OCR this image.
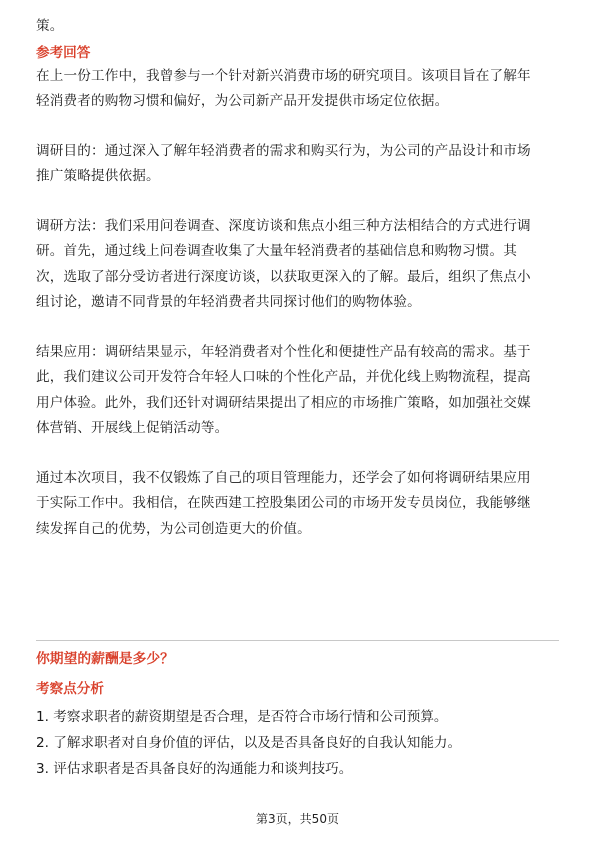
策。
参考回答
在上一份工作中，我曾参与一个针对新兴消费市场的研究项目。该项目旨在了解年
轻消费者的购物习惯和偏好，为公司新产品开发提供市场定位依据。
调研目的：通过深入了解年轻消费者的需求和购买行为，为公司的产品设计和市场
推广策略提供依据。
调研方法：我们采用问卷调查、深度访谈和焦点小组三种方法相结合的方式进行调
研。首先，通过线上问卷调查收集了大量年轻消费者的基础信息和购物习惯。其
次，选取了部分受访者进行深度访谈，以获取更深入的了解。最后，组织了焦点小
组讨论，邀请不同背景的年轻消费者共同探讨他们的购物体验。
结果应用：调研结果显示，年轻消费者对个性化和便捷性产品有较高的需求。基于
此，我们建议公司开发符合年轻人口味的个性化产品，并优化线上购物流程，提高
用户体验。此外，我们还针对调研结果提出了相应的市场推广策略，如加强社交媒
体营销、开展线上促销活动等。
通过本次项目，我不仅锻炼了自己的项目管理能力，还学会了如何将调研结果应用
于实际工作中。我相信，在陕西建工控股集团公司的市场开发专员岗位，我能够继
续发挥自己的优势，为公司创造更大的价值。
你期望的薪酬是多少？
考察点分析
1. 考察求职者的薪资期望是否合理，是否符合市场行情和公司预算。
2. 了解求职者对自身价值的评估，以及是否具备良好的自我认知能力。
3. 评估求职者是否具备良好的沟通能力和谈判技巧。
第3页，共50页
